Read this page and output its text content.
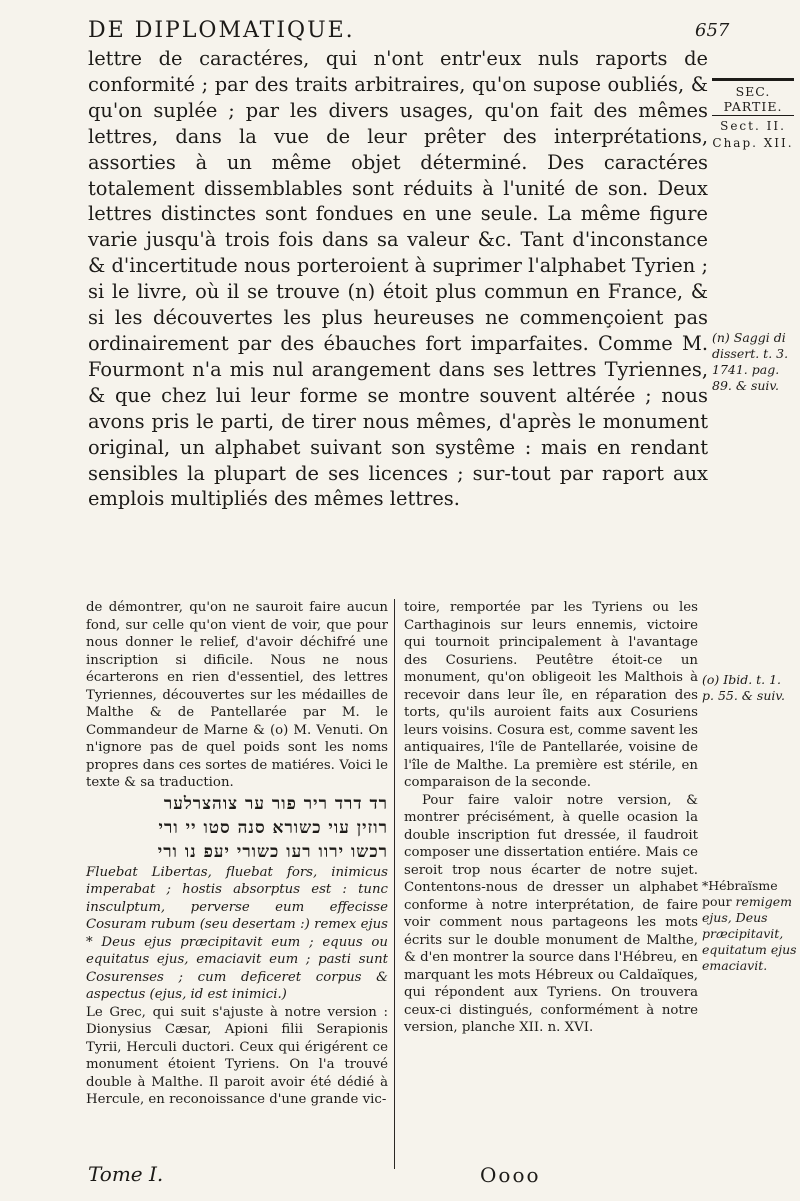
DE DIPLOMATIQUE.	657
SEC. PARTIE.
Sect. II.
Chap. XII.

lettre de caractéres, qui n'ont entr'eux nuls raports de conformité ; par des traits arbitraires, qu'on supose oubliés, & qu'on suplée ; par les divers usages, qu'on fait des mêmes lettres, dans la vue de leur prêter des interprétations, assorties à un même objet déterminé. Des caractéres totalement dissemblables sont réduits à l'unité de son. Deux lettres distinctes sont fondues en une seule. La même figure varie jusqu'à trois fois dans sa valeur &c. Tant d'inconstance & d'incertitude nous porteroient à suprimer l'alphabet Tyrien ; si le livre, où il se trouve (n) étoit plus commun en France, & si les découvertes les plus heureuses ne commençoient pas ordinairement par des ébauches fort imparfaites. Comme M. Fourmont n'a mis nul arangement dans ses lettres Tyriennes, & que chez lui leur forme se montre souvent altérée ; nous avons pris le parti, de tirer nous mêmes, d'après le monument original, un alphabet suivant son systême : mais en rendant sensibles la plupart de ses licences ; sur-tout par raport aux emplois multipliés des mêmes lettres.

(n) Saggi di dissert. t. 3. 1741. pag. 89. & suiv.
(o) Ibid. t. 1. p. 55. & suiv.
*Hébraïsme pour remigem ejus, Deus præcipitavit, equitatum ejus emaciavit.

de démontrer, qu'on ne sauroit faire aucun fond, sur celle qu'on vient de voir, que pour nous donner le relief, d'avoir déchifré une inscription si dificile. Nous ne nous écarterons en rien d'essentiel, des lettres Tyriennes, découvertes sur les médailles de Malthe & de Pantellarée par M. le Commandeur de Marne & (o) M. Venuti. On n'ignore pas de quel poids sont les noms propres dans ces sortes de matiéres. Voici le texte & sa traduction.

רד דרד ריר פור ער צוהצרלער
רוזין עוי כשורא סנה סטו יי ורי
רכשו ירוו רעו כשורי יעפ נו ורי

Fluebat Libertas, fluebat fors, inimicus imperabat ; hostis absorptus est : tunc insculptum, perverse eum effecisse Cosuram rubum (seu desertam :) remex ejus * Deus ejus præcipitavit eum ; equus ou equitatus ejus, emaciavit eum ; pasti sunt Cosurenses ; cum deficeret corpus & aspectus (ejus, id est inimici.)

Le Grec, qui suit s'ajuste à notre version : Dionysius Cæsar, Apioni filii Serapionis Tyrii, Herculi ductori. Ceux qui érigérent ce monument étoient Tyriens. On l'a trouvé double à Malthe. Il paroit avoir été dédié à Hercule, en reconoissance d'une grande vic-

toire, remportée par les Tyriens ou les Carthaginois sur leurs ennemis, victoire qui tournoit principalement à l'avantage des Cosuriens. Peutêtre étoit-ce un monument, qu'on obligeoit les Malthois à recevoir dans leur île, en réparation des torts, qu'ils auroient faits aux Cosuriens leurs voisins. Cosura est, comme savent les antiquaires, l'île de Pantellarée, voisine de l'île de Malthe. La première est stérile, en comparaison de la seconde.

Pour faire valoir notre version, & montrer précisément, à quelle ocasion la double inscription fut dressée, il faudroit composer une dissertation entiére. Mais ce seroit trop nous écarter de notre sujet. Contentons-nous de dresser un alphabet conforme à notre interprétation, de faire voir comment nous partageons les mots écrits sur le double monument de Malthe, & d'en montrer la source dans l'Hébreu, en marquant les mots Hébreux ou Caldaïques, qui répondent aux Tyriens. On trouvera ceux-ci distingués, conformément à notre version, planche XII. n. XVI.

Tome I.	Oooo
